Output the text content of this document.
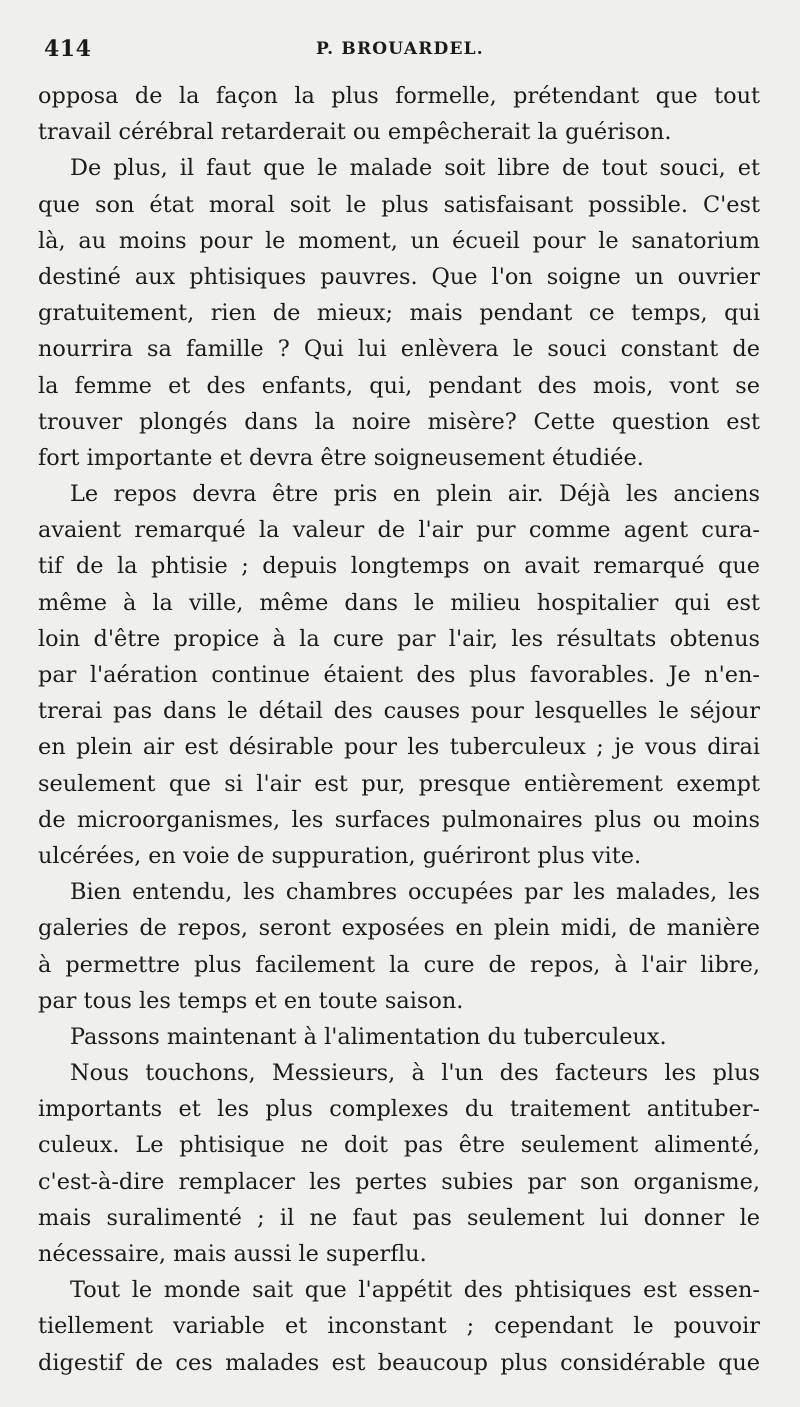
414	P. BROUARDEL.
opposa de la façon la plus formelle, prétendant que tout
travail cérébral retarderait ou empêcherait la guérison.
De plus, il faut que le malade soit libre de tout souci, et
que son état moral soit le plus satisfaisant possible. C'est
là, au moins pour le moment, un écueil pour le sanatorium
destiné aux phtisiques pauvres. Que l'on soigne un ouvrier
gratuitement, rien de mieux; mais pendant ce temps, qui
nourrira sa famille ? Qui lui enlèvera le souci constant de
la femme et des enfants, qui, pendant des mois, vont se
trouver plongés dans la noire misère? Cette question est
fort importante et devra être soigneusement étudiée.
Le repos devra être pris en plein air. Déjà les anciens
avaient remarqué la valeur de l'air pur comme agent cura-
tif de la phtisie ; depuis longtemps on avait remarqué que
même à la ville, même dans le milieu hospitalier qui est
loin d'être propice à la cure par l'air, les résultats obtenus
par l'aération continue étaient des plus favorables. Je n'en-
trerai pas dans le détail des causes pour lesquelles le séjour
en plein air est désirable pour les tuberculeux ; je vous dirai
seulement que si l'air est pur, presque entièrement exempt
de microorganismes, les surfaces pulmonaires plus ou moins
ulcérées, en voie de suppuration, guériront plus vite.
Bien entendu, les chambres occupées par les malades, les
galeries de repos, seront exposées en plein midi, de manière
à permettre plus facilement la cure de repos, à l'air libre,
par tous les temps et en toute saison.
Passons maintenant à l'alimentation du tuberculeux.
Nous touchons, Messieurs, à l'un des facteurs les plus
importants et les plus complexes du traitement antituber-
culeux. Le phtisique ne doit pas être seulement alimenté,
c'est-à-dire remplacer les pertes subies par son organisme,
mais suralimenté ; il ne faut pas seulement lui donner le
nécessaire, mais aussi le superflu.
Tout le monde sait que l'appétit des phtisiques est essen-
tiellement variable et inconstant ; cependant le pouvoir
digestif de ces malades est beaucoup plus considérable que
